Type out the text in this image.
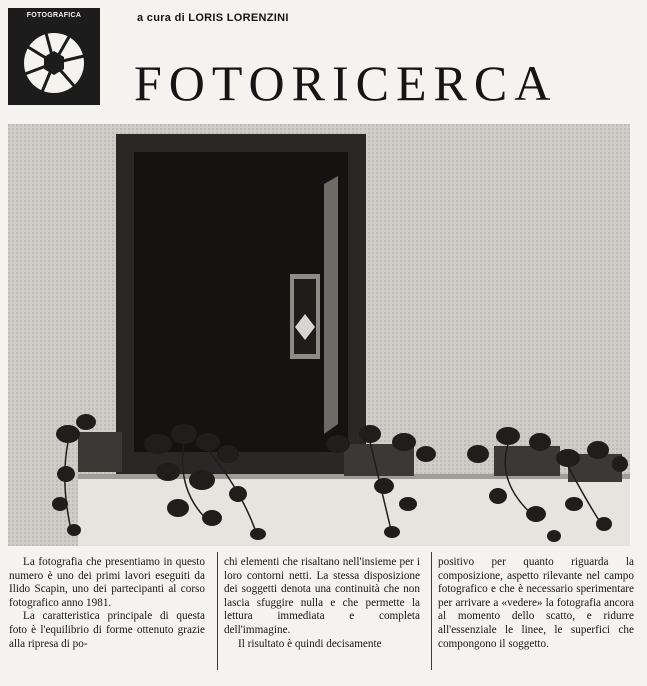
FOTOGRAFICA	a cura di LORIS LORENZINI
FOTORICERCA

La fotografia che presentiamo in questo numero è uno dei primi lavori eseguiti da Ilido Scapin, uno dei partecipanti al corso fotografico anno 1981.

La caratteristica principale di questa foto è l'equilibrio di forme ottenuto grazie alla ripresa di po-

chi elementi che risaltano nell'insieme per i loro contorni netti. La stessa disposizione dei soggetti denota una continuità che non lascia sfuggire nulla e che permette la lettura immediata e completa dell'immagine.

Il risultato è quindi decisamente

positivo per quanto riguarda la composizione, aspetto rilevante nel campo fotografico e che è necessario sperimentare per arrivare a «vedere» la fotografia ancora al momento dello scatto, e ridurre all'essenziale le linee, le superfici che compongono il soggetto.
